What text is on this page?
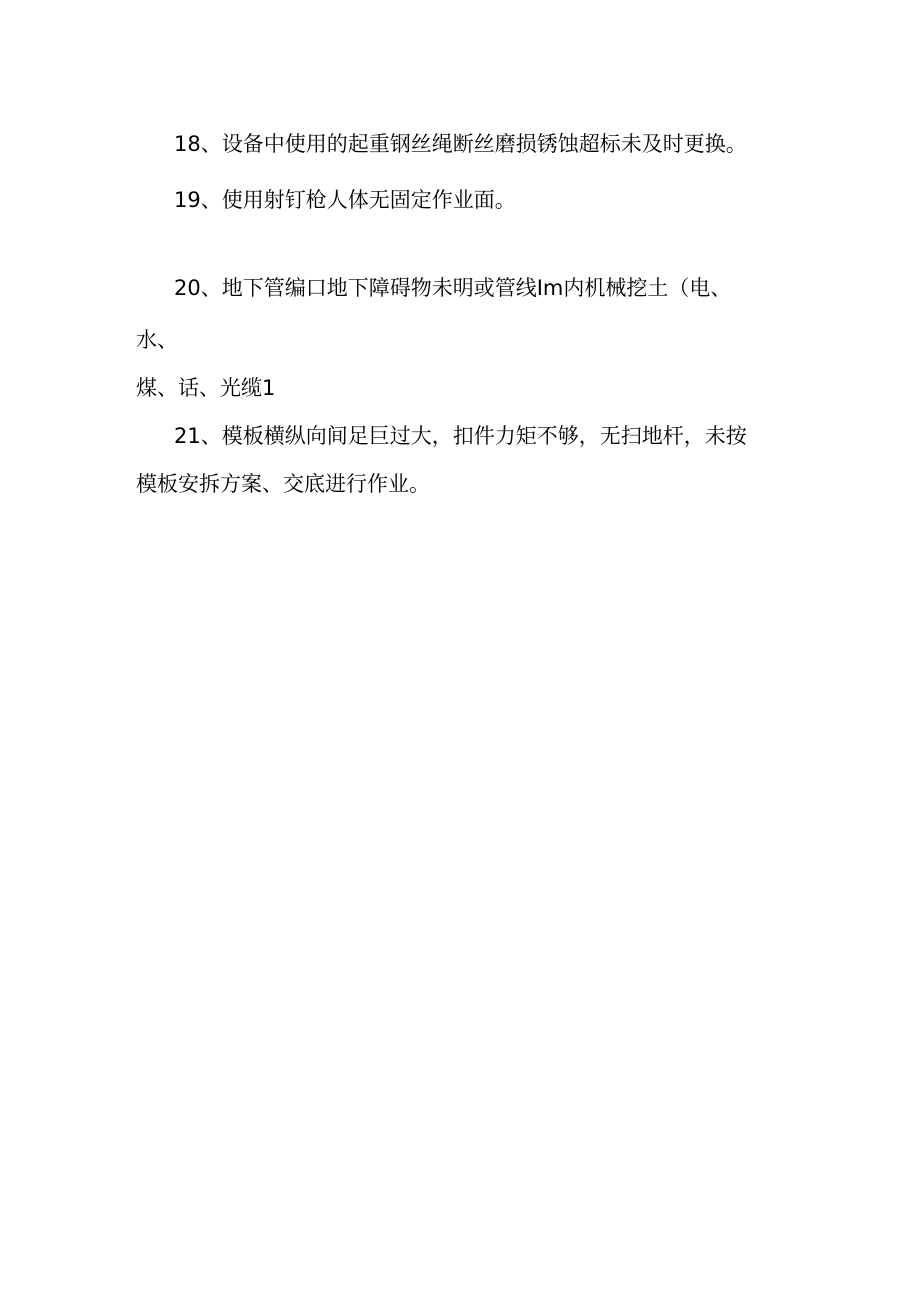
18、设备中使用的起重钢丝绳断丝磨损锈蚀超标未及时更换。
19、使用射钉枪人体无固定作业面。
20、地下管编口地下障碍物未明或管线Im内机械挖土（电、
水、
煤、话、光缆1
21、模板横纵向间足巨过大，扣件力矩不够，无扫地杆，未按
模板安拆方案、交底进行作业。
